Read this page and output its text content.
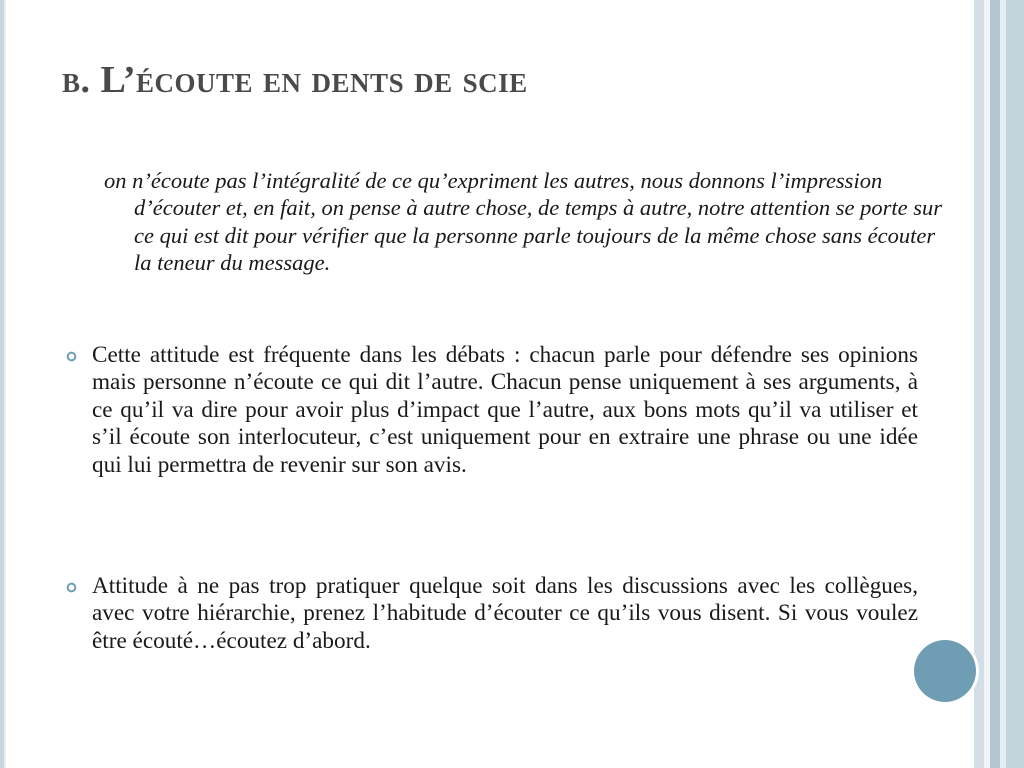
b. L’écoute en dents de scie

on n’écoute pas l’intégralité de ce qu’expriment les autres, nous donnons l’impression d’écouter et, en fait, on pense à autre chose, de temps à autre, notre attention se porte sur ce qui est dit pour vérifier que la personne parle toujours de la même chose sans écouter la teneur du message.

Cette attitude est fréquente dans les débats : chacun parle pour défendre ses opinions mais personne n’écoute ce qui dit l’autre. Chacun pense uniquement à ses arguments, à ce qu’il va dire pour avoir plus d’impact que l’autre, aux bons mots qu’il va utiliser et s’il écoute son interlocuteur, c’est uniquement pour en extraire une phrase ou une idée qui lui permettra de revenir sur son avis.
Attitude à ne pas trop pratiquer quelque soit dans les discussions avec les collègues, avec votre hiérarchie, prenez l’habitude d’écouter ce qu’ils vous disent. Si vous voulez être écouté…écoutez d’abord.
